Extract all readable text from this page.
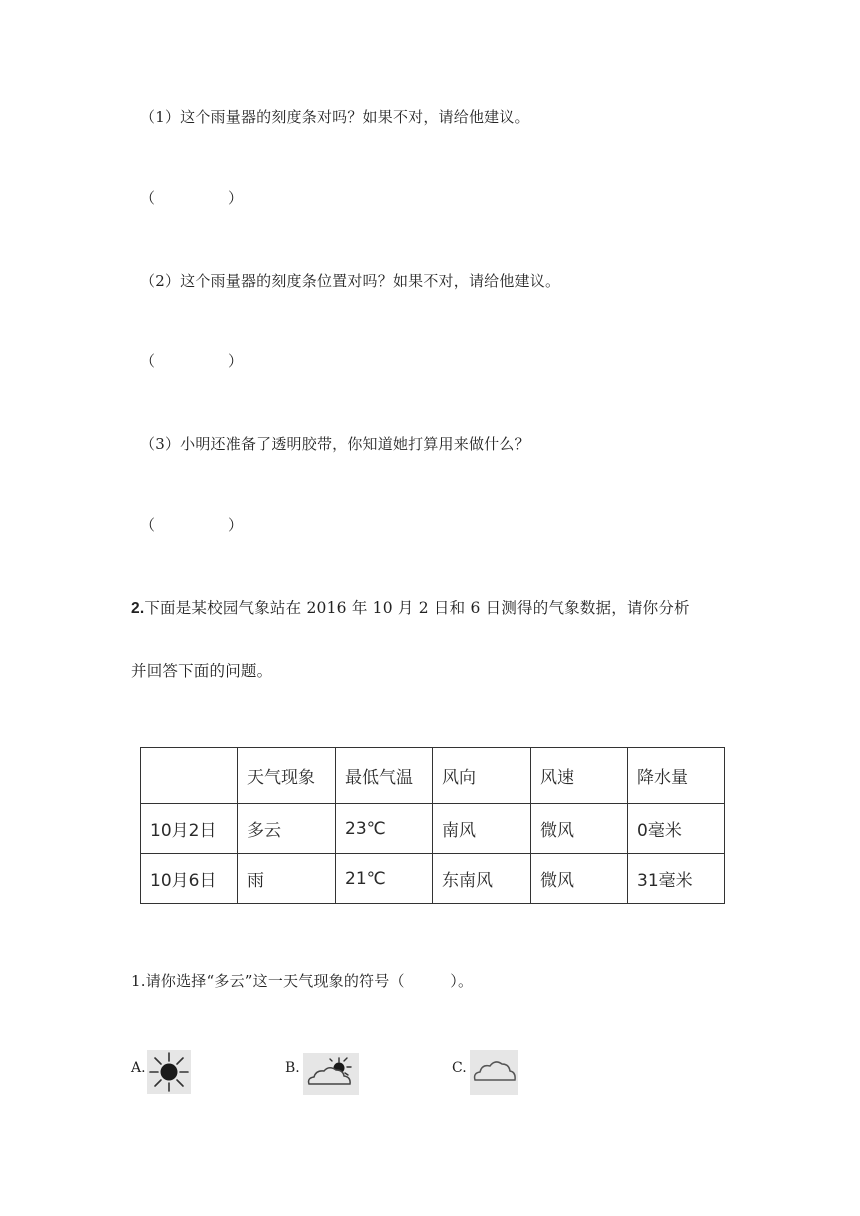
（1）这个雨量器的刻度条对吗？如果不对，请给他建议。
（	）
（2）这个雨量器的刻度条位置对吗？如果不对，请给他建议。
（	）
（3）小明还准备了透明胶带，你知道她打算用来做什么？
（	）
2.下面是某校园气象站在 2016 年 10 月 2 日和 6 日测得的气象数据，请你分析
并回答下面的问题。
	天气现象	最低气温	风向	风速	降水量
10月2日	多云	23℃	南风	微风	0毫米
10月6日	雨	21℃	东南风	微风	31毫米
1.请你选择“多云”这一天气现象的符号（　　　）。
A.	B.	C.
